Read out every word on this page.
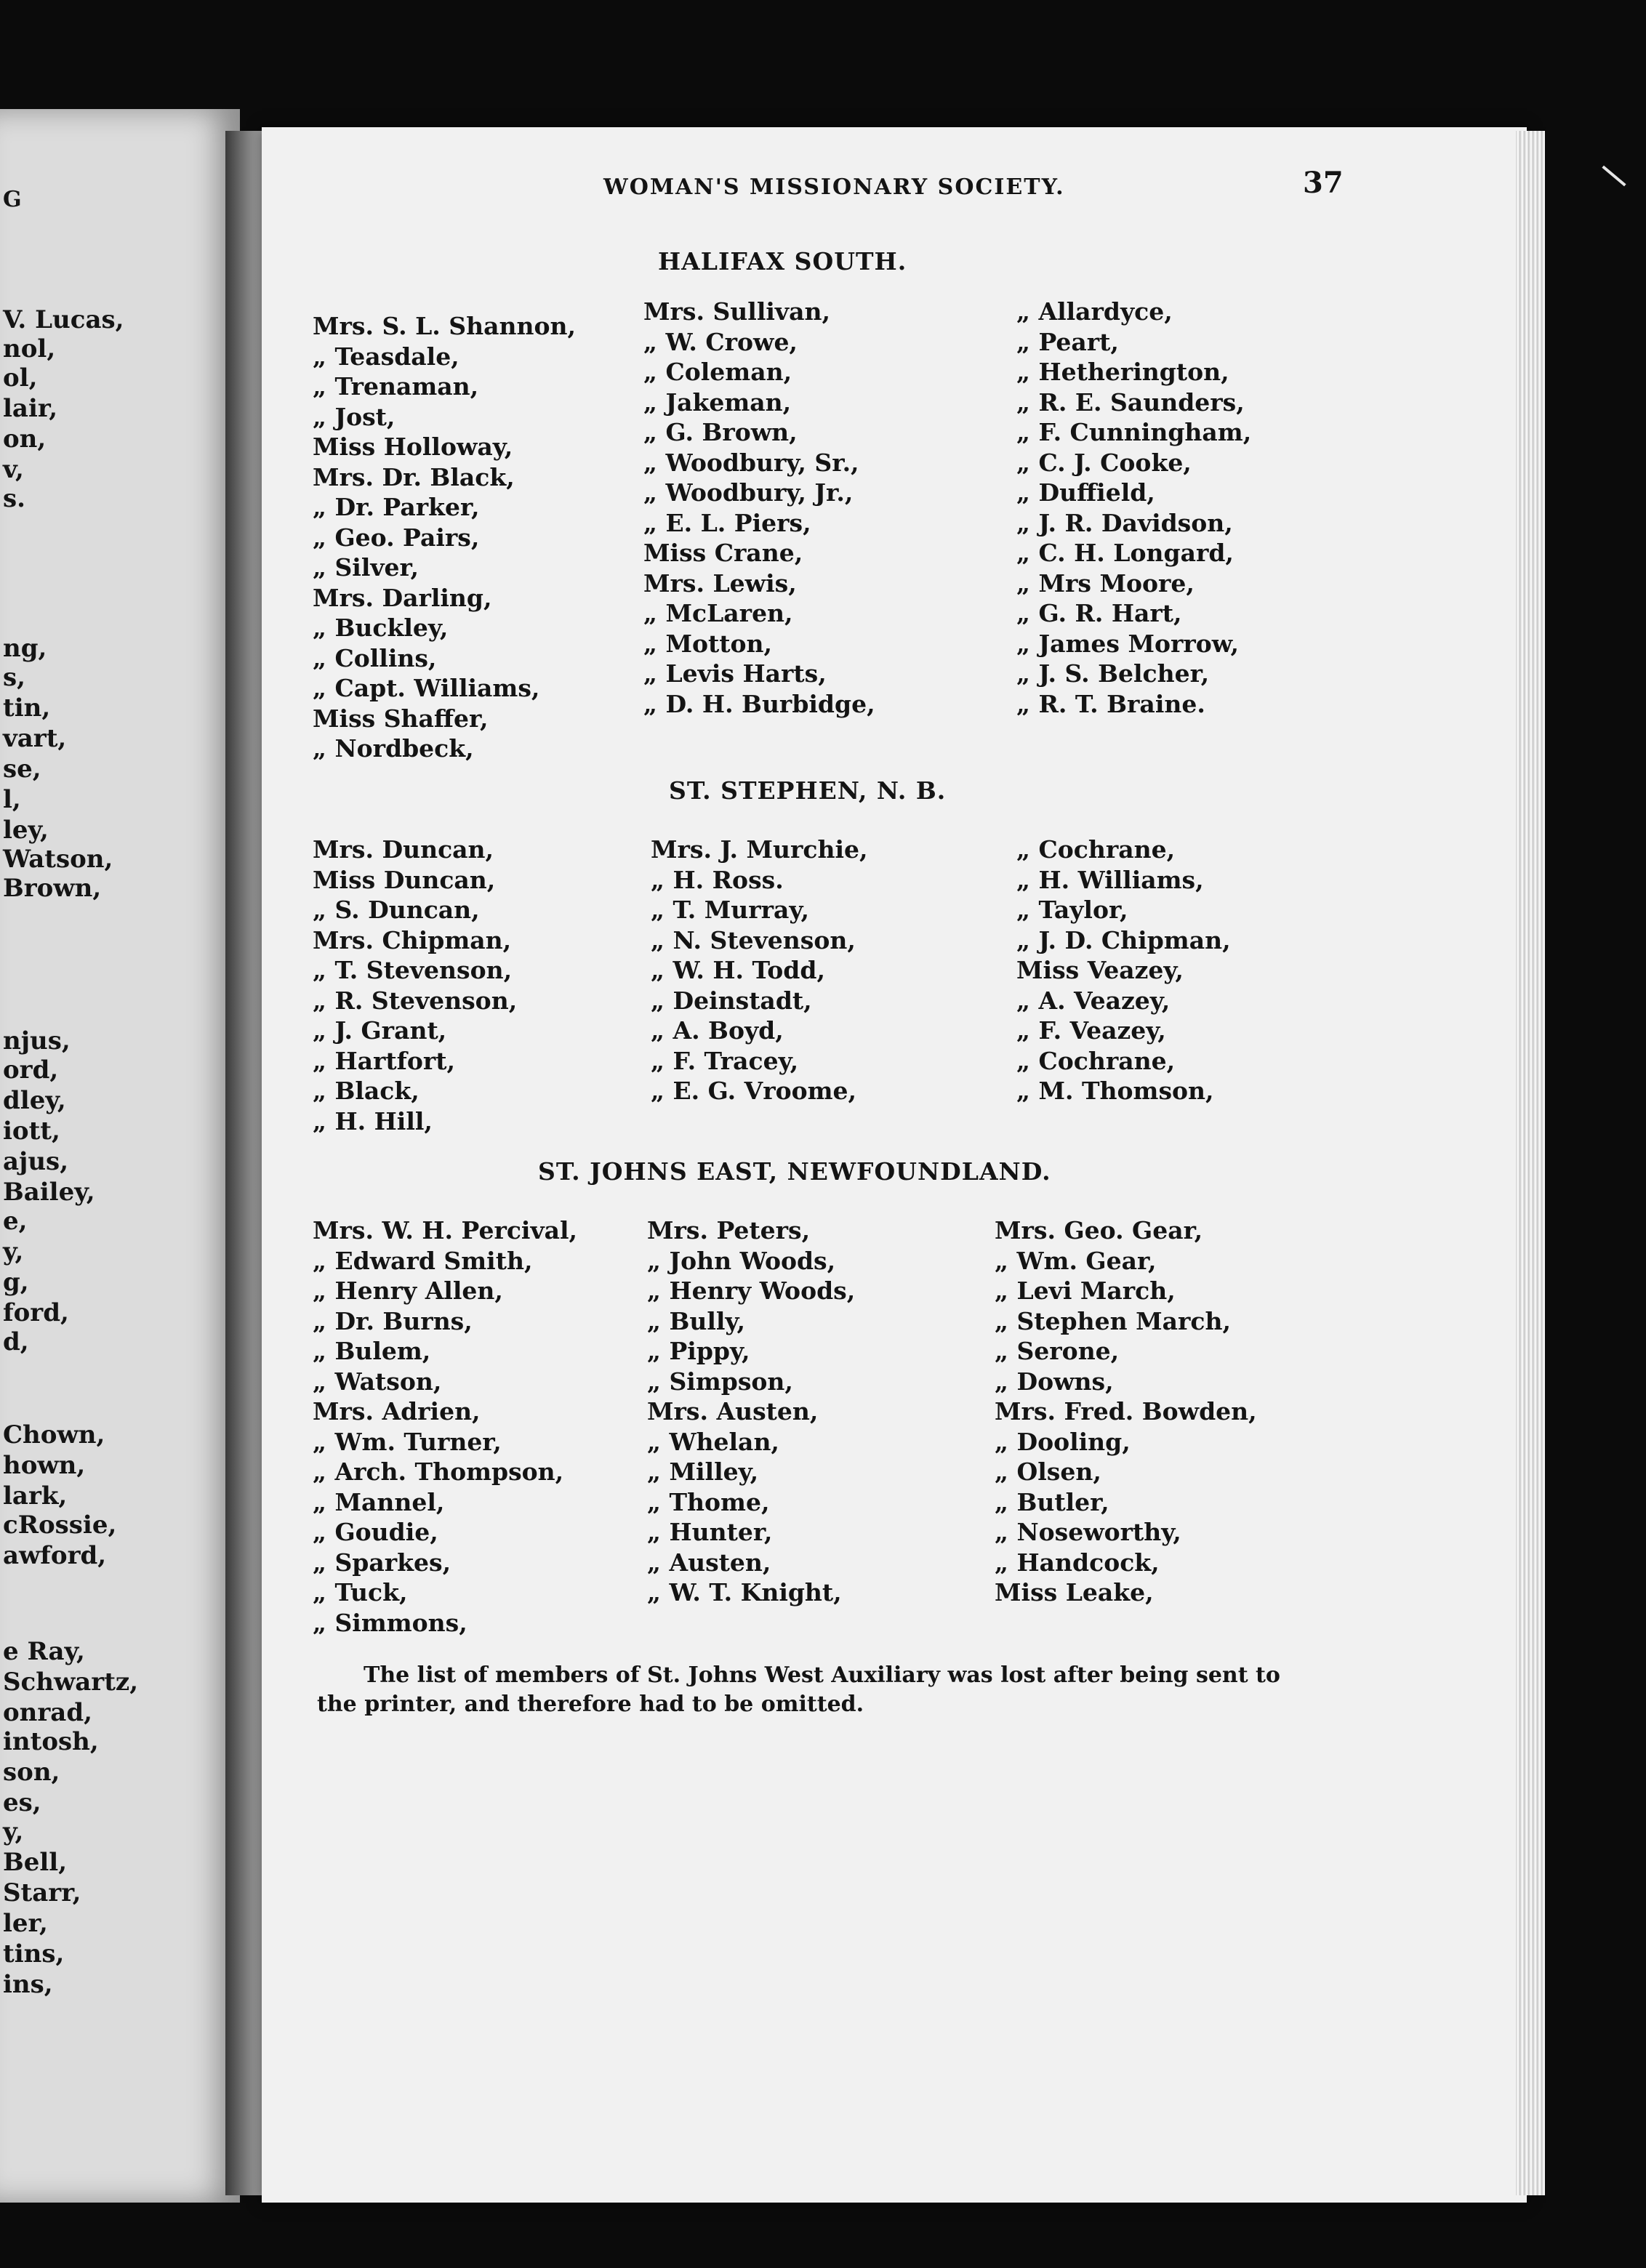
G
V. Lucas,
nol,
ol,
lair,
on,
v,
s.
ng,
s,
tin,
vart,
se,
l,
ley,
Watson,
Brown,
njus,
ord,
dley,
iott,
ajus,
Bailey,
e,
y,
g,
ford,
d,
Chown,
hown,
lark,
cRossie,
awford,
e Ray,
Schwartz,
onrad,
intosh,
son,
es,
y,
Bell,
Starr,
ler,
tins,
ins,
WOMAN'S MISSIONARY SOCIETY.	37
HALIFAX SOUTH.
Mrs. S. L. Shannon,
„ Teasdale,
„ Trenaman,
„ Jost,
Miss Holloway,
Mrs. Dr. Black,
„ Dr. Parker,
„ Geo. Pairs,
„ Silver,
Mrs. Darling,
„ Buckley,
„ Collins,
„ Capt. Williams,
Miss Shaffer,
„ Nordbeck,
Mrs. Sullivan,
„ W. Crowe,
„ Coleman,
„ Jakeman,
„ G. Brown,
„ Woodbury, Sr.,
„ Woodbury, Jr.,
„ E. L. Piers,
Miss Crane,
Mrs. Lewis,
„ McLaren,
„ Motton,
„ Levis Harts,
„ D. H. Burbidge,
„ Allardyce,
„ Peart,
„ Hetherington,
„ R. E. Saunders,
„ F. Cunningham,
„ C. J. Cooke,
„ Duffield,
„ J. R. Davidson,
„ C. H. Longard,
„ Mrs Moore,
„ G. R. Hart,
„ James Morrow,
„ J. S. Belcher,
„ R. T. Braine.
ST. STEPHEN, N. B.
Mrs. Duncan,
Miss Duncan,
„ S. Duncan,
Mrs. Chipman,
„ T. Stevenson,
„ R. Stevenson,
„ J. Grant,
„ Hartfort,
„ Black,
„ H. Hill,
Mrs. J. Murchie,
„ H. Ross.
„ T. Murray,
„ N. Stevenson,
„ W. H. Todd,
„ Deinstadt,
„ A. Boyd,
„ F. Tracey,
„ E. G. Vroome,
„ Cochrane,
„ H. Williams,
„ Taylor,
„ J. D. Chipman,
Miss Veazey,
„ A. Veazey,
„ F. Veazey,
„ Cochrane,
„ M. Thomson,
ST. JOHNS EAST, NEWFOUNDLAND.
Mrs. W. H. Percival,
„ Edward Smith,
„ Henry Allen,
„ Dr. Burns,
„ Bulem,
„ Watson,
Mrs. Adrien,
„ Wm. Turner,
„ Arch. Thompson,
„ Mannel,
„ Goudie,
„ Sparkes,
„ Tuck,
„ Simmons,
Mrs. Peters,
„ John Woods,
„ Henry Woods,
„ Bully,
„ Pippy,
„ Simpson,
Mrs. Austen,
„ Whelan,
„ Milley,
„ Thome,
„ Hunter,
„ Austen,
„ W. T. Knight,
Mrs. Geo. Gear,
„ Wm. Gear,
„ Levi March,
„ Stephen March,
„ Serone,
„ Downs,
Mrs. Fred. Bowden,
„ Dooling,
„ Olsen,
„ Butler,
„ Noseworthy,
„ Handcock,
Miss Leake,
The list of members of St. Johns West Auxiliary was lost after being sent to
the printer, and therefore had to be omitted.
